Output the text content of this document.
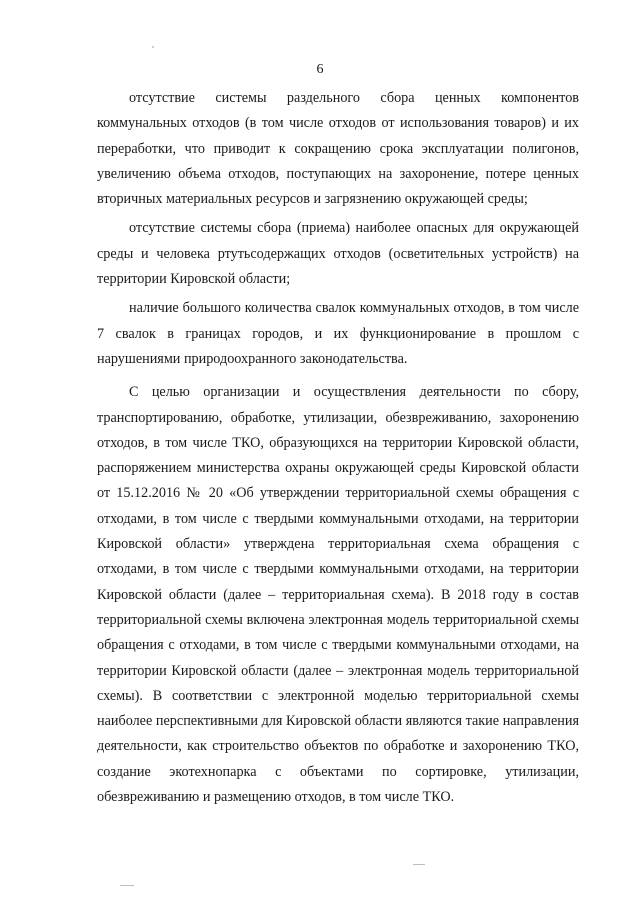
6

отсутствие системы раздельного сбора ценных компонентов коммунальных отходов (в том числе отходов от использования товаров) и их переработки, что приводит к сокращению срока эксплуатации полигонов, увеличению объема отходов, поступающих на захоронение, потере ценных вторичных материальных ресурсов и загрязнению окружающей среды;

отсутствие системы сбора (приема) наиболее опасных для окружающей среды и человека ртутьсодержащих отходов (осветительных устройств) на территории Кировской области;

наличие большого количества свалок коммунальных отходов, в том числе 7 свалок в границах городов, и их функционирование в прошлом с нарушениями природоохранного законодательства.

С целью организации и осуществления деятельности по сбору, транспортированию, обработке, утилизации, обезвреживанию, захоронению отходов, в том числе ТКО, образующихся на территории Кировской области, распоряжением министерства охраны окружающей среды Кировской области от 15.12.2016 № 20 «Об утверждении территориальной схемы обращения с отходами, в том числе с твердыми коммунальными отходами, на территории Кировской области» утверждена территориальная схема обращения с отходами, в том числе с твердыми коммунальными отходами, на территории Кировской области (далее – территориальная схема). В 2018 году в состав территориальной схемы включена электронная модель территориальной схемы обращения с отходами, в том числе с твердыми коммунальными отходами, на территории Кировской области (далее – электронная модель территориальной схемы). В соответствии с электронной моделью территориальной схемы наиболее перспективными для Кировской области являются такие направления деятельности, как строительство объектов по обработке и захоронению ТКО, создание экотехнопарка с объектами по сортировке, утилизации, обезвреживанию и размещению отходов, в том числе ТКО.
